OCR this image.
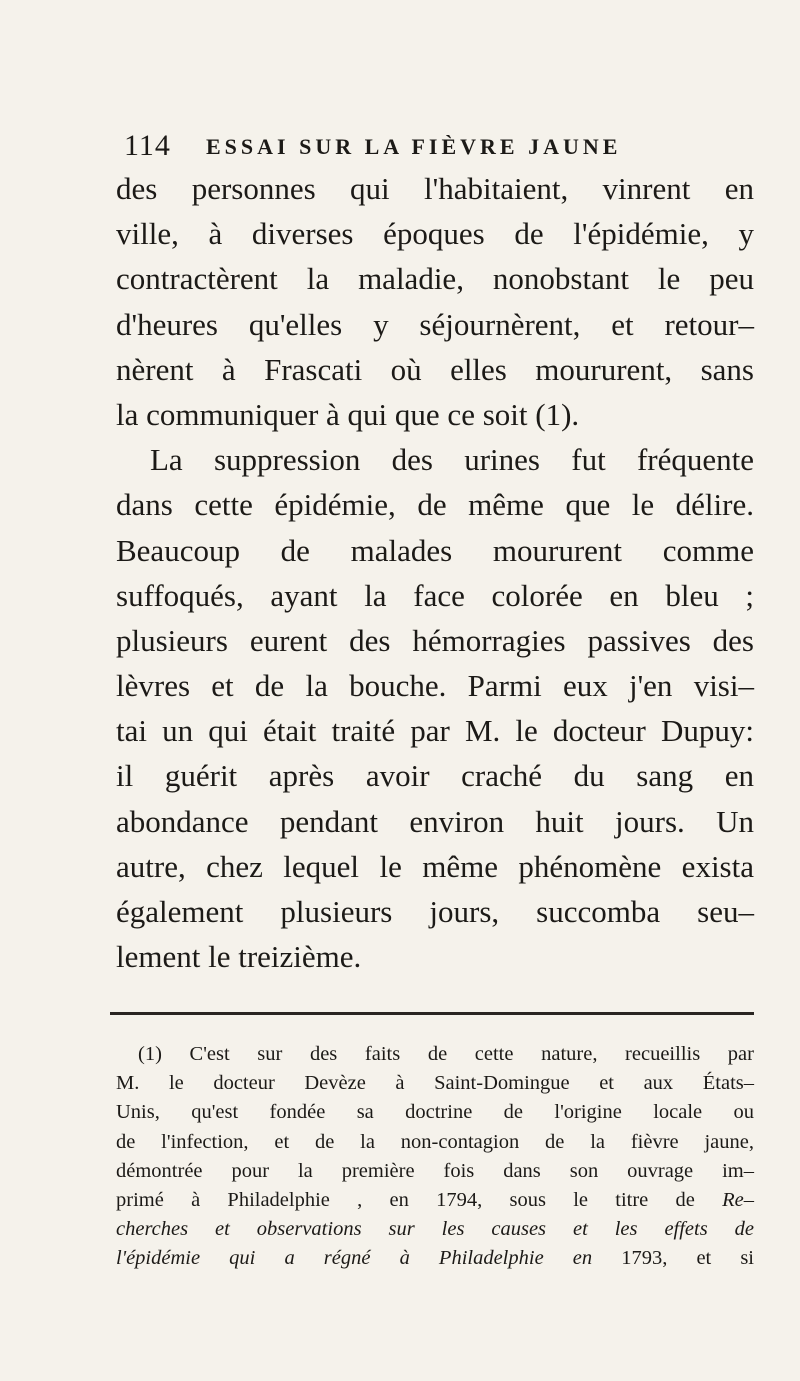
114 ESSAI SUR LA FIÈVRE JAUNE
des personnes qui l'habitaient, vinrent en
ville, à diverses époques de l'épidémie, y
contractèrent la maladie, nonobstant le peu
d'heures qu'elles y séjournèrent, et retour–
nèrent à Frascati où elles moururent, sans
la communiquer à qui que ce soit (1).
La suppression des urines fut fréquente
dans cette épidémie, de même que le délire.
Beaucoup de malades moururent comme
suffoqués, ayant la face colorée en bleu ;
plusieurs eurent des hémorragies passives des
lèvres et de la bouche. Parmi eux j'en visi–
tai un qui était traité par M. le docteur Dupuy:
il guérit après avoir craché du sang en
abondance pendant environ huit jours. Un
autre, chez lequel le même phénomène exista
également plusieurs jours, succomba seu–
lement le treizième.
(1) C'est sur des faits de cette nature, recueillis par
M. le docteur Devèze à Saint-Domingue et aux États–
Unis, qu'est fondée sa doctrine de l'origine locale ou
de l'infection, et de la non-contagion de la fièvre jaune,
démontrée pour la première fois dans son ouvrage im–
primé à Philadelphie , en 1794, sous le titre de Re–
cherches et observations sur les causes et les effets de
l'épidémie qui a régné à Philadelphie en 1793, et si
